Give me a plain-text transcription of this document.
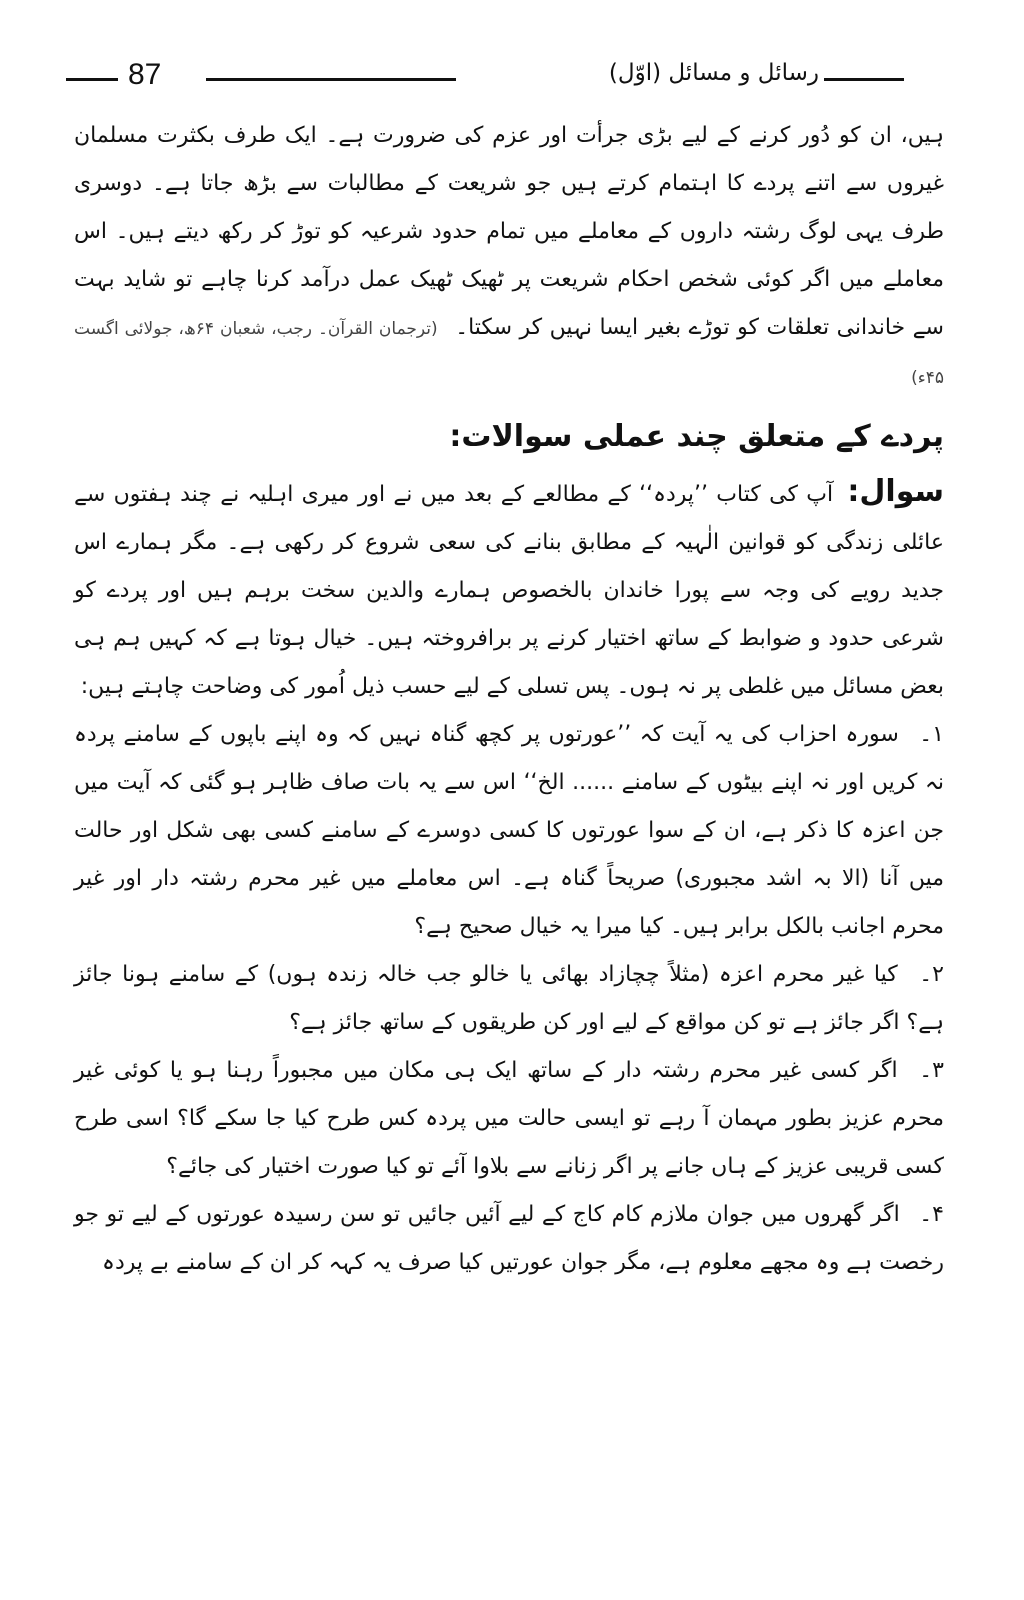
87	رسائل و مسائل (اوّل)

ہیں، ان کو دُور کرنے کے لیے بڑی جرأت اور عزم کی ضرورت ہے۔ ایک طرف بکثرت مسلمان غیروں سے اتنے پردے کا اہتمام کرتے ہیں جو شریعت کے مطالبات سے بڑھ جاتا ہے۔ دوسری طرف یہی لوگ رشتہ داروں کے معاملے میں تمام حدود شرعیہ کو توڑ کر رکھ دیتے ہیں۔ اس معاملے میں اگر کوئی شخص احکام شریعت پر ٹھیک ٹھیک عمل درآمد کرنا چاہے تو شاید بہت سے خاندانی تعلقات کو توڑے بغیر ایسا نہیں کر سکتا۔ (ترجمان القرآن۔ رجب، شعبان ۶۴ھ، جولائی اگست ۴۵ء)

پردے کے متعلق چند عملی سوالات:

سوال: آپ کی کتاب ’’پردہ‘‘ کے مطالعے کے بعد میں نے اور میری اہلیہ نے چند ہفتوں سے عائلی زندگی کو قوانین الٰہیہ کے مطابق بنانے کی سعی شروع کر رکھی ہے۔ مگر ہمارے اس جدید رویے کی وجہ سے پورا خاندان بالخصوص ہمارے والدین سخت برہم ہیں اور پردے کو شرعی حدود و ضوابط کے ساتھ اختیار کرنے پر برافروختہ ہیں۔ خیال ہوتا ہے کہ کہیں ہم ہی بعض مسائل میں غلطی پر نہ ہوں۔ پس تسلی کے لیے حسب ذیل اُمور کی وضاحت چاہتے ہیں:

۱۔ سورہ احزاب کی یہ آیت کہ ’’عورتوں پر کچھ گناہ نہیں کہ وہ اپنے باپوں کے سامنے پردہ نہ کریں اور نہ اپنے بیٹوں کے سامنے ...... الخ‘‘ اس سے یہ بات صاف ظاہر ہو گئی کہ آیت میں جن اعزہ کا ذکر ہے، ان کے سوا عورتوں کا کسی دوسرے کے سامنے کسی بھی شکل اور حالت میں آنا (الا بہ اشد مجبوری) صریحاً گناہ ہے۔ اس معاملے میں غیر محرم رشتہ دار اور غیر محرم اجانب بالکل برابر ہیں۔ کیا میرا یہ خیال صحیح ہے؟

۲۔ کیا غیر محرم اعزہ (مثلاً چچازاد بھائی یا خالو جب خالہ زندہ ہوں) کے سامنے ہونا جائز ہے؟ اگر جائز ہے تو کن مواقع کے لیے اور کن طریقوں کے ساتھ جائز ہے؟

۳۔ اگر کسی غیر محرم رشتہ دار کے ساتھ ایک ہی مکان میں مجبوراً رہنا ہو یا کوئی غیر محرم عزیز بطور مہمان آ رہے تو ایسی حالت میں پردہ کس طرح کیا جا سکے گا؟ اسی طرح کسی قریبی عزیز کے ہاں جانے پر اگر زنانے سے بلاوا آئے تو کیا صورت اختیار کی جائے؟

۴۔ اگر گھروں میں جوان ملازم کام کاج کے لیے آئیں جائیں تو سن رسیدہ عورتوں کے لیے تو جو رخصت ہے وہ مجھے معلوم ہے، مگر جوان عورتیں کیا صرف یہ کہہ کر ان کے سامنے بے پردہ
